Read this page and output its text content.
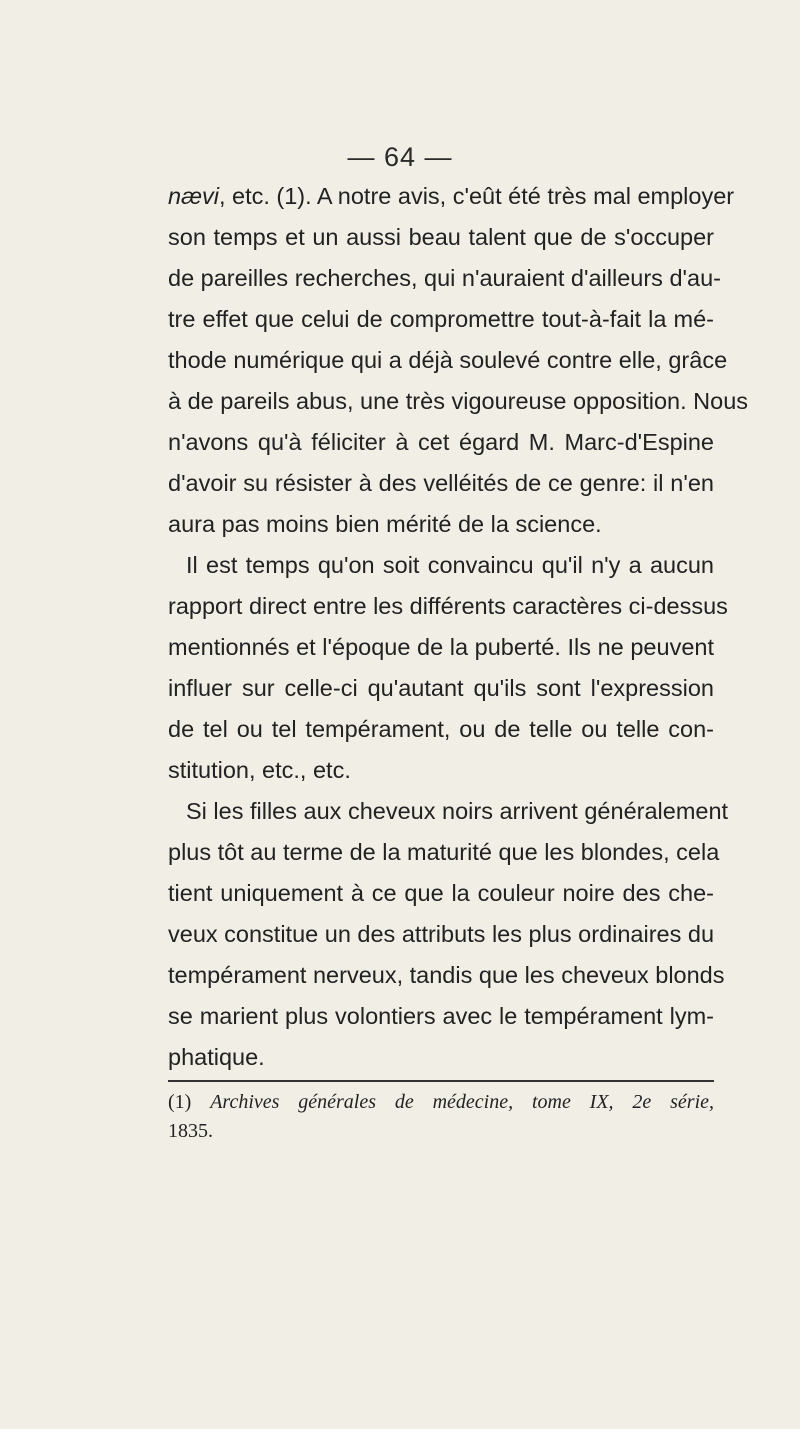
— 64 —
nævi, etc. (1). A notre avis, c'eût été très mal employer
son temps et un aussi beau talent que de s'occuper
de pareilles recherches, qui n'auraient d'ailleurs d'au-
tre effet que celui de compromettre tout-à-fait la mé-
thode numérique qui a déjà soulevé contre elle, grâce
à de pareils abus, une très vigoureuse opposition. Nous
n'avons qu'à féliciter à cet égard M. Marc-d'Espine
d'avoir su résister à des velléités de ce genre: il n'en
aura pas moins bien mérité de la science.
Il est temps qu'on soit convaincu qu'il n'y a aucun
rapport direct entre les différents caractères ci-dessus
mentionnés et l'époque de la puberté. Ils ne peuvent
influer sur celle-ci qu'autant qu'ils sont l'expression
de tel ou tel tempérament, ou de telle ou telle con-
stitution, etc., etc.
Si les filles aux cheveux noirs arrivent généralement
plus tôt au terme de la maturité que les blondes, cela
tient uniquement à ce que la couleur noire des che-
veux constitue un des attributs les plus ordinaires du
tempérament nerveux, tandis que les cheveux blonds
se marient plus volontiers avec le tempérament lym-
phatique.
(1) Archives générales de médecine, tome IX, 2e série,
1835.
